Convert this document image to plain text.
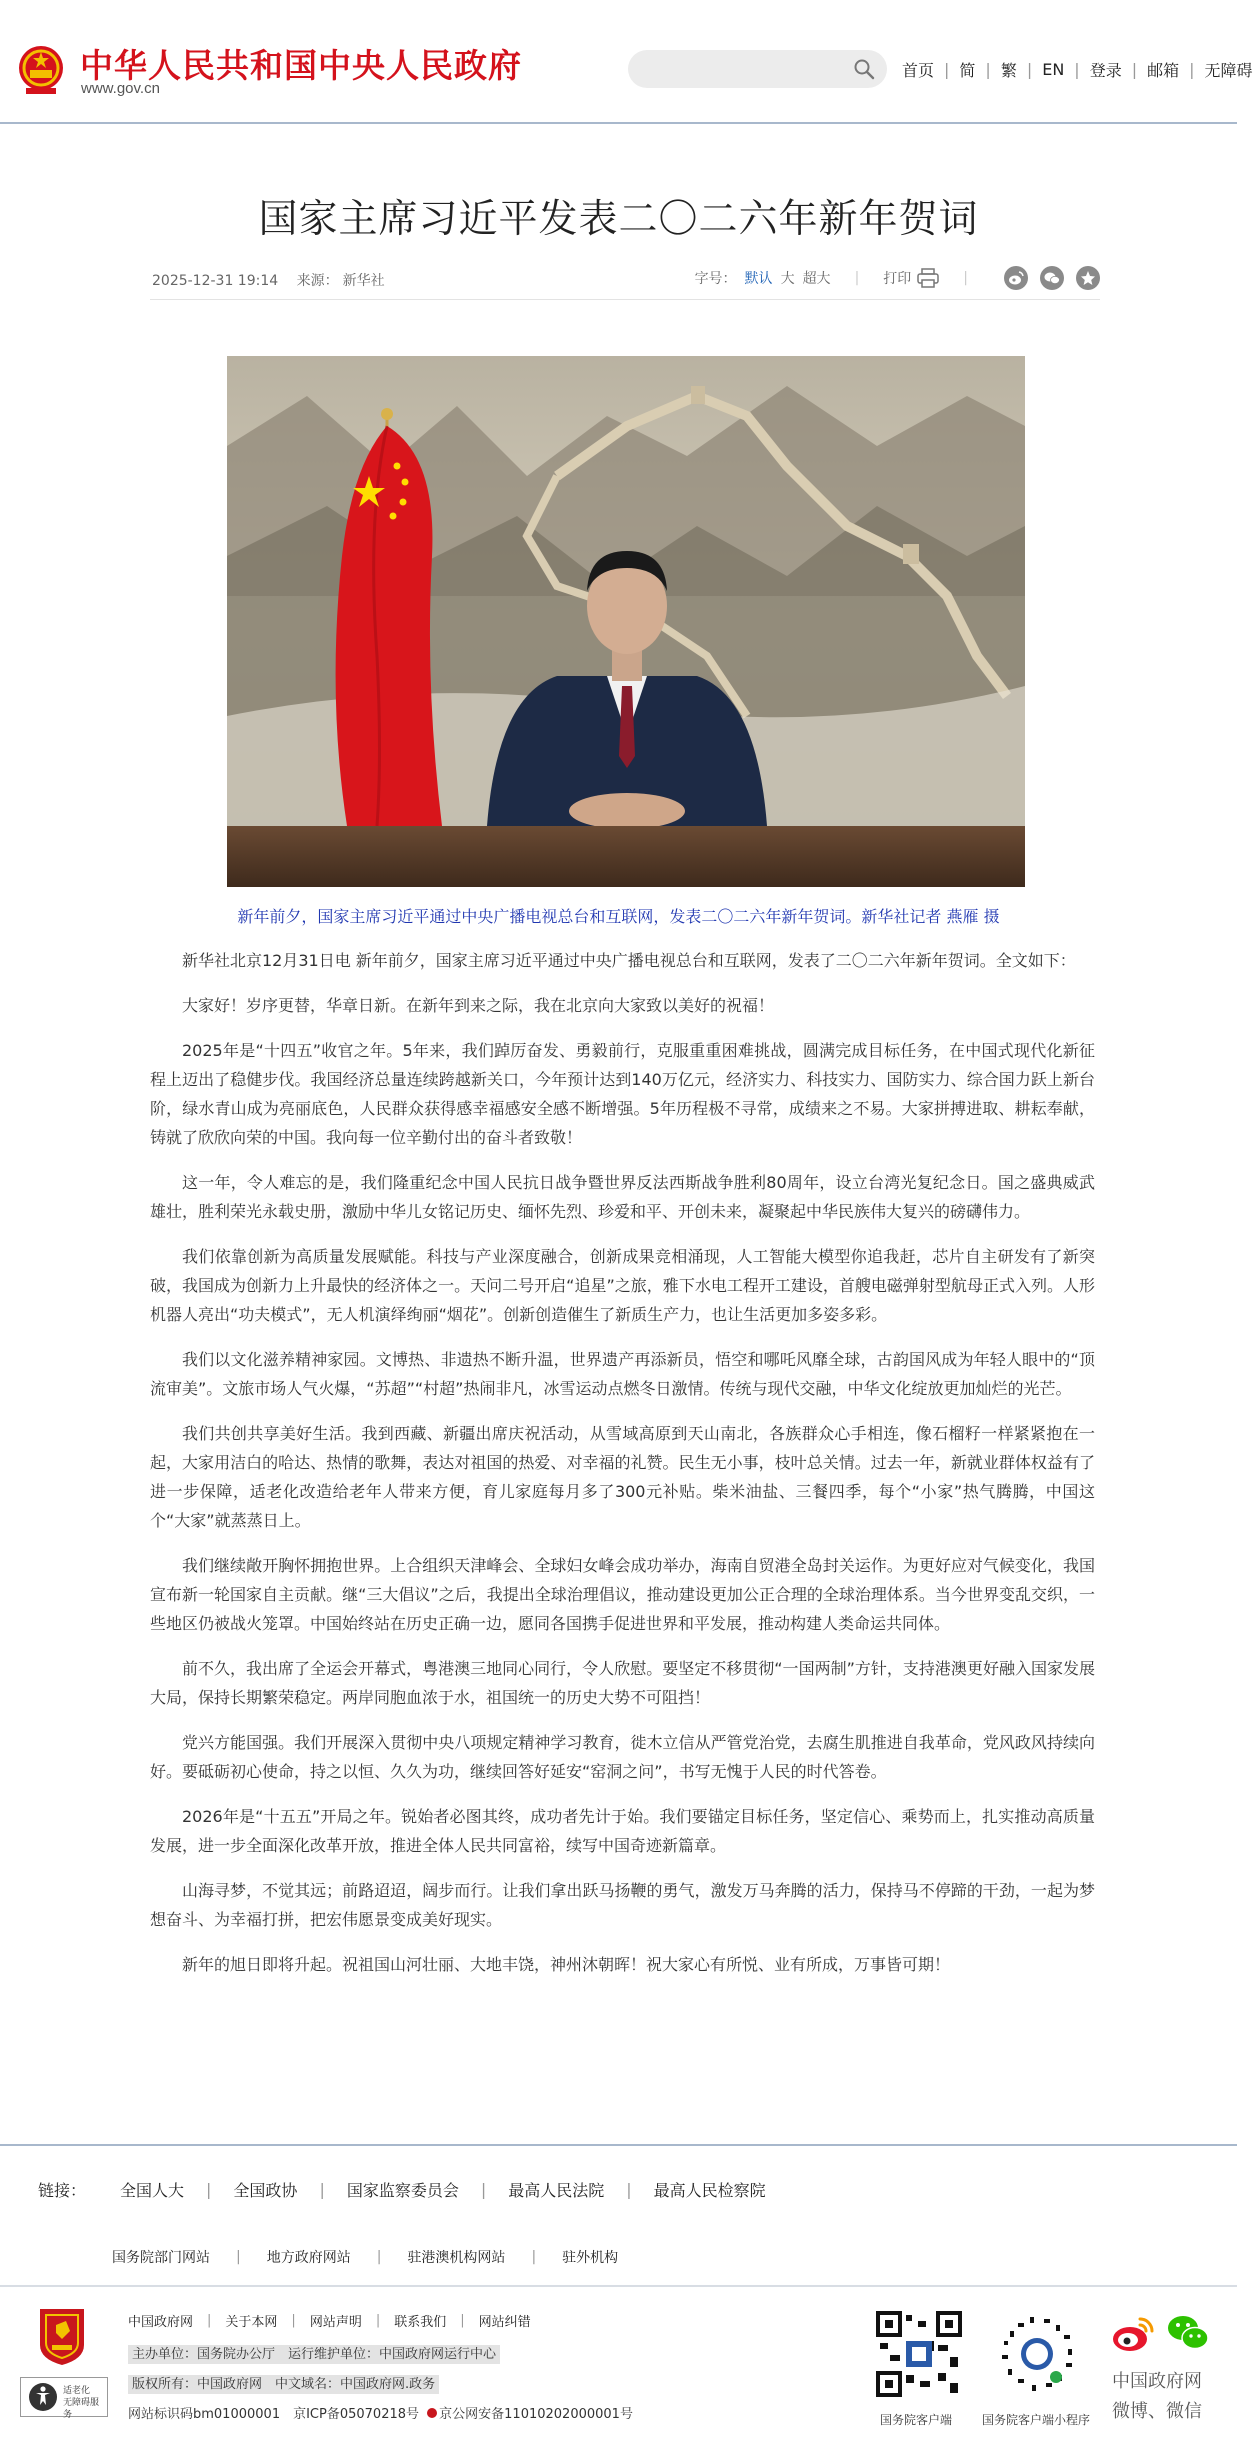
中华人民共和国中央人民政府
www.gov.cn
首页 | 简 | 繁 | EN | 登录 | 邮箱 | 无障碍
国家主席习近平发表二〇二六年新年贺词
2025-12-31 19:14 来源： 新华社	字号： 默认 大 超大 | 打印	|
新年前夕，国家主席习近平通过中央广播电视总台和互联网，发表二〇二六年新年贺词。新华社记者 燕雁 摄

新华社北京12月31日电 新年前夕，国家主席习近平通过中央广播电视总台和互联网，发表了二〇二六年新年贺词。全文如下：

大家好！岁序更替，华章日新。在新年到来之际，我在北京向大家致以美好的祝福！

2025年是“十四五”收官之年。5年来，我们踔厉奋发、勇毅前行，克服重重困难挑战，圆满完成目标任务，在中国式现代化新征程上迈出了稳健步伐。我国经济总量连续跨越新关口，今年预计达到140万亿元，经济实力、科技实力、国防实力、综合国力跃上新台阶，绿水青山成为亮丽底色，人民群众获得感幸福感安全感不断增强。5年历程极不寻常，成绩来之不易。大家拼搏进取、耕耘奉献，铸就了欣欣向荣的中国。我向每一位辛勤付出的奋斗者致敬！

这一年，令人难忘的是，我们隆重纪念中国人民抗日战争暨世界反法西斯战争胜利80周年，设立台湾光复纪念日。国之盛典威武雄壮，胜利荣光永载史册，激励中华儿女铭记历史、缅怀先烈、珍爱和平、开创未来，凝聚起中华民族伟大复兴的磅礴伟力。

我们依靠创新为高质量发展赋能。科技与产业深度融合，创新成果竞相涌现，人工智能大模型你追我赶，芯片自主研发有了新突破，我国成为创新力上升最快的经济体之一。天问二号开启“追星”之旅，雅下水电工程开工建设，首艘电磁弹射型航母正式入列。人形机器人亮出“功夫模式”，无人机演绎绚丽“烟花”。创新创造催生了新质生产力，也让生活更加多姿多彩。

我们以文化滋养精神家园。文博热、非遗热不断升温，世界遗产再添新员，悟空和哪吒风靡全球，古韵国风成为年轻人眼中的“顶流审美”。文旅市场人气火爆，“苏超”“村超”热闹非凡，冰雪运动点燃冬日激情。传统与现代交融，中华文化绽放更加灿烂的光芒。

我们共创共享美好生活。我到西藏、新疆出席庆祝活动，从雪域高原到天山南北，各族群众心手相连，像石榴籽一样紧紧抱在一起，大家用洁白的哈达、热情的歌舞，表达对祖国的热爱、对幸福的礼赞。民生无小事，枝叶总关情。过去一年，新就业群体权益有了进一步保障，适老化改造给老年人带来方便，育儿家庭每月多了300元补贴。柴米油盐、三餐四季，每个“小家”热气腾腾，中国这个“大家”就蒸蒸日上。

我们继续敞开胸怀拥抱世界。上合组织天津峰会、全球妇女峰会成功举办，海南自贸港全岛封关运作。为更好应对气候变化，我国宣布新一轮国家自主贡献。继“三大倡议”之后，我提出全球治理倡议，推动建设更加公正合理的全球治理体系。当今世界变乱交织，一些地区仍被战火笼罩。中国始终站在历史正确一边，愿同各国携手促进世界和平发展，推动构建人类命运共同体。

前不久，我出席了全运会开幕式，粤港澳三地同心同行，令人欣慰。要坚定不移贯彻“一国两制”方针，支持港澳更好融入国家发展大局，保持长期繁荣稳定。两岸同胞血浓于水，祖国统一的历史大势不可阻挡！

党兴方能国强。我们开展深入贯彻中央八项规定精神学习教育，徙木立信从严管党治党，去腐生肌推进自我革命，党风政风持续向好。要砥砺初心使命，持之以恒、久久为功，继续回答好延安“窑洞之问”，书写无愧于人民的时代答卷。

2026年是“十五五”开局之年。锐始者必图其终，成功者先计于始。我们要锚定目标任务，坚定信心、乘势而上，扎实推动高质量发展，进一步全面深化改革开放，推进全体人民共同富裕，续写中国奇迹新篇章。

山海寻梦，不觉其远；前路迢迢，阔步而行。让我们拿出跃马扬鞭的勇气，激发万马奔腾的活力，保持马不停蹄的干劲，一起为梦想奋斗、为幸福打拼，把宏伟愿景变成美好现实。

新年的旭日即将升起。祝祖国山河壮丽、大地丰饶，神州沐朝晖！祝大家心有所悦、业有所成，万事皆可期！

链接： 全国人大 | 全国政协 | 国家监察委员会 | 最高人民法院 | 最高人民检察院
国务院部门网站 | 地方政府网站 | 驻港澳机构网站 | 驻外机构
适老化
无障碍服务
中国政府网 | 关于本网 | 网站声明 | 联系我们 | 网站纠错
主办单位：国务院办公厅　运行维护单位：中国政府网运行中心
版权所有：中国政府网　中文域名：中国政府网.政务
网站标识码bm01000001　京ICP备05070218号 京公网安备11010202000001号	国务院客户端 国务院客户端小程序
中国政府网
微博、微信
